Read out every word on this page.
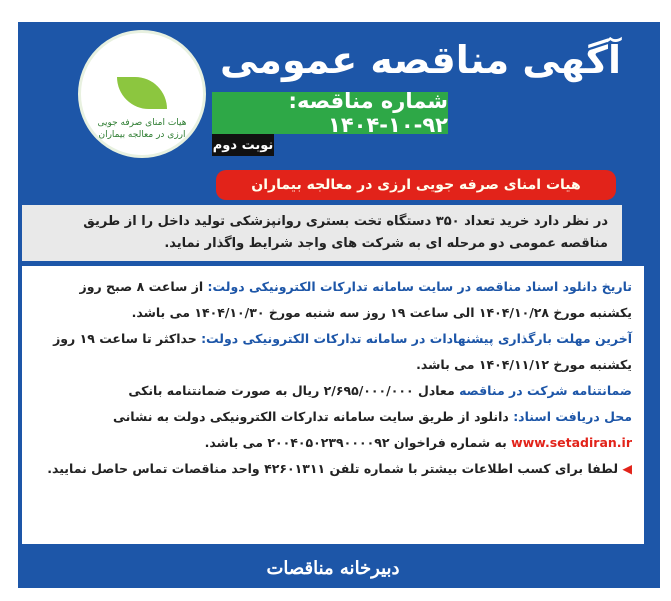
هیات امنای صرفه جویی ارزی در معالجه بیماران
آگهی مناقصه عمومی
شماره مناقصه: ۹۲-۱۰-۱۴۰۴
نوبت دوم
هیات امنای صرفه جویی ارزی در معالجه بیماران
در نظر دارد خرید تعداد ۳۵۰ دستگاه تخت بستری روانپزشکی تولید داخل را از طریق مناقصه عمومی دو مرحله ای به شرکت های واجد شرایط واگذار نماید.
تاریخ دانلود اسناد مناقصه در سایت سامانه تدارکات الکترونیکی دولت: از ساعت ۸ صبح روز یکشنبه مورخ ۱۴۰۴/۱۰/۲۸ الی ساعت ۱۹ روز سه شنبه مورخ ۱۴۰۴/۱۰/۳۰ می باشد.
آخرین مهلت بارگذاری پیشنهادات در سامانه تدارکات الکترونیکی دولت: حداکثر تا ساعت ۱۹ روز یکشنبه مورخ ۱۴۰۴/۱۱/۱۲ می باشد.
ضمانتنامه شرکت در مناقصه معادل ۲/۶۹۵/۰۰۰/۰۰۰ ریال به صورت ضمانتنامه بانکی
محل دریافت اسناد: دانلود از طریق سایت سامانه تدارکات الکترونیکی دولت به نشانی
www.setadiran.ir به شماره فراخوان ۲۰۰۴۰۵۰۲۳۹۰۰۰۰۹۲ می باشد.
◀ لطفا برای کسب اطلاعات بیشتر با شماره تلفن ۴۲۶۰۱۳۱۱ واحد مناقصات تماس حاصل نمایید.
دبیرخانه مناقصات
